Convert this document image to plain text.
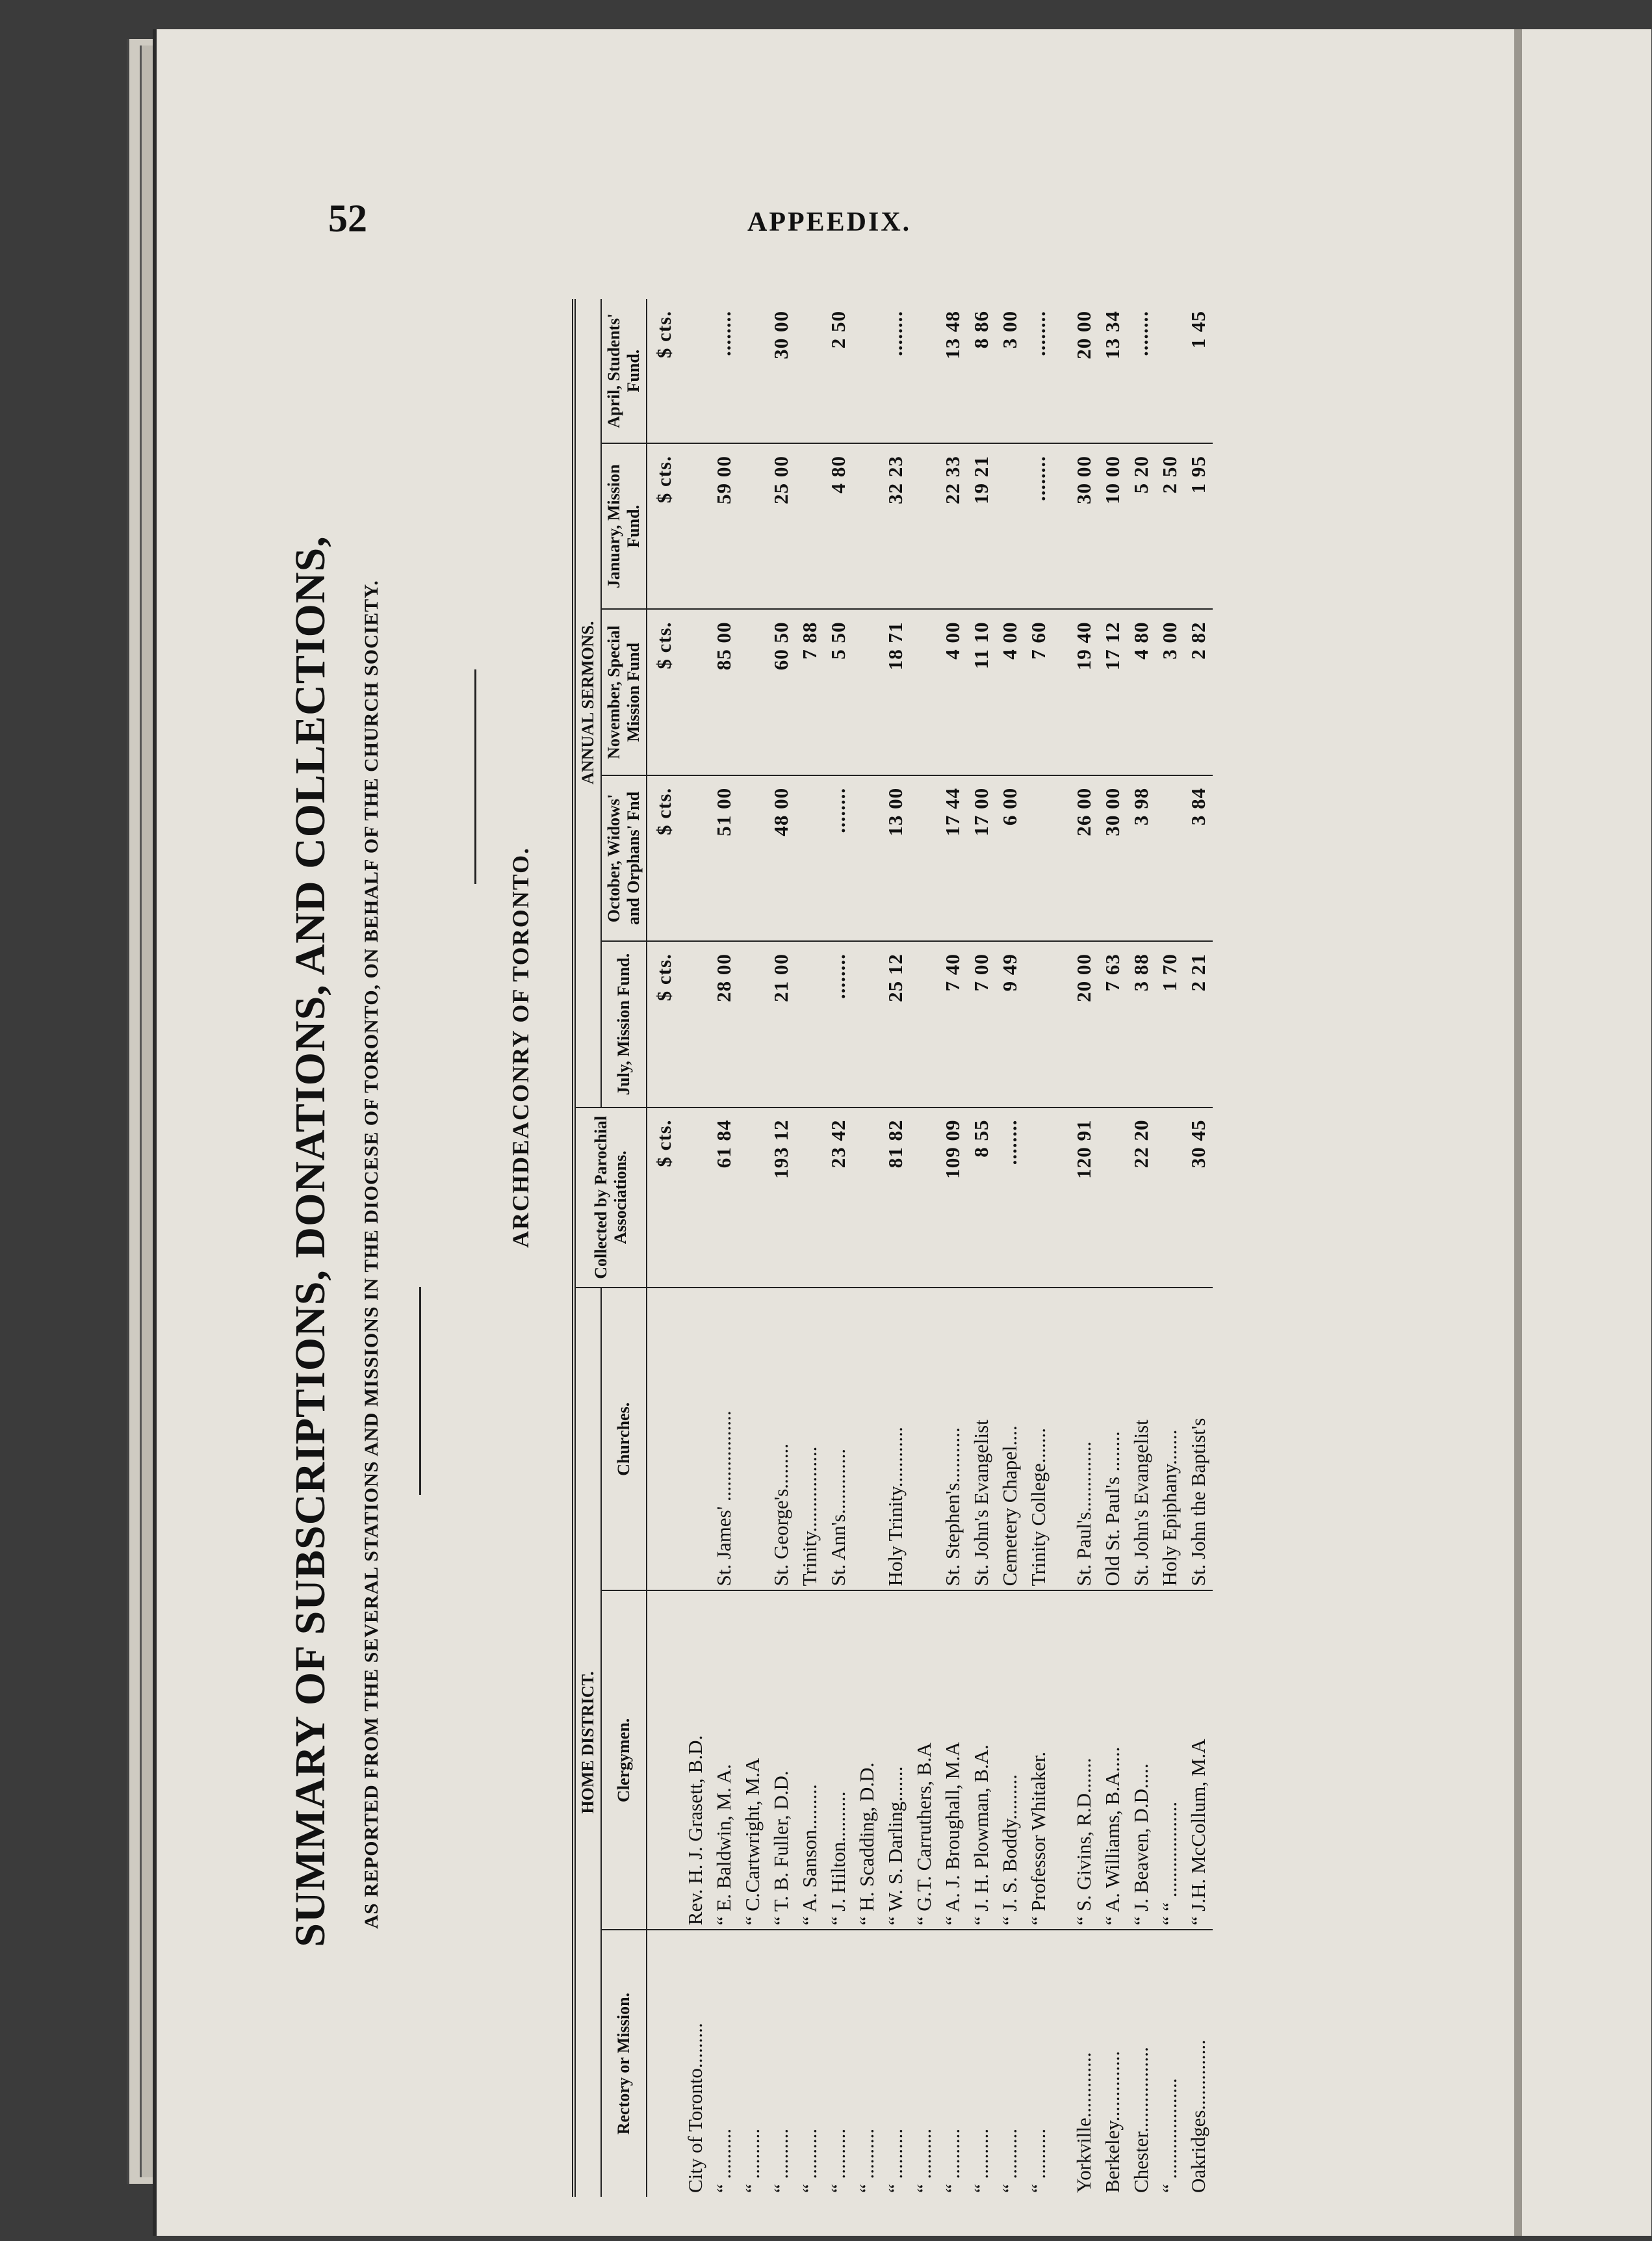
52	APPEEDIX.
SUMMARY OF SUBSCRIPTIONS, DONATIONS, AND COLLECTIONS, AS REPORTED FROM THE SEVERAL STATIONS AND MISSIONS IN THE DIOCESE OF TORONTO, ON BEHALF OF THE CHURCH SOCIETY.	ARCHDEACONRY OF TORONTO.
HOME DISTRICT.			Collected by Parochial Associations.	ANNUAL SERMONS.				
Rectory or Mission.	Clergymen.	Churches.		July, Mission Fund.	October, Widows' and Orphans' Fnd	November, Special Mission Fund	January, Mission Fund.	April, Students' Fund.
			$ cts.	$ cts.	$ cts.	$ cts.	$ cts.	$ cts.
City of Toronto.........	Rev. H. J. Grasett, B.D.							
“ ..........	“ E. Baldwin, M. A.	St. James' ..................	61 84	28 00	51 00	85 00	59 00	........
“ ..........	“ C.Cartwright, M.A							
“ ..........	“ T. B. Fuller, D.D.	St. George's.........	193 12	21 00	48 00	60 50	25 00	30 00
“ ..........	“ A. Sanson.........	Trinity.................				7 88		
“ ..........	“ J. Hilton..........	St. Ann's.............	23 42	........	........	5 50	4 80	2 50
“ ..........	“ H. Scadding, D.D.							
“ ..........	“ W. S. Darling.......	Holy Trinity............	81 82	25 12	13 00	18 71	32 23	........
“ ..........	“ G.T. Carruthers, B.A							
“ ..........	“ A. J. Broughall, M.A	St. Stephen's...........	109 09	7 40	17 44	4 00	22 33	13 48
“ ..........	“ J. H. Plowman, B.A.	St. John's Evangelist	8 55	7 00	17 00	11 10	19 21	8 86
“ ..........	“ J. S. Boddy.........	Cemetery Chapel....	........	9 49	6 00	4 00		3 00
“ ..........	“ Professor Whitaker.	Trinity College.......				7 60	........	........

Yorkville.............	“ S. Givins, R.D.......	St. Paul's..............	120 91	20 00	26 00	19 40	30 00	20 00
Berkeley..............	“ A. Williams, B.A.....	Old St. Paul's ........		7 63	30 00	17 12	10 00	13 34
Chester.................	“ J. Beaven, D.D.....	St. John's Evangelist	22 20	3 88	3 98	4 80	5 20	........
“ ....................	“ “ ...................	Holy Epiphany.......		1 70		3 00	2 50	
Oakridges..............	“ J.H. McCollum, M.A	St. John the Baptist's	30 45	2 21	3 84	2 82	1 95	1 45
